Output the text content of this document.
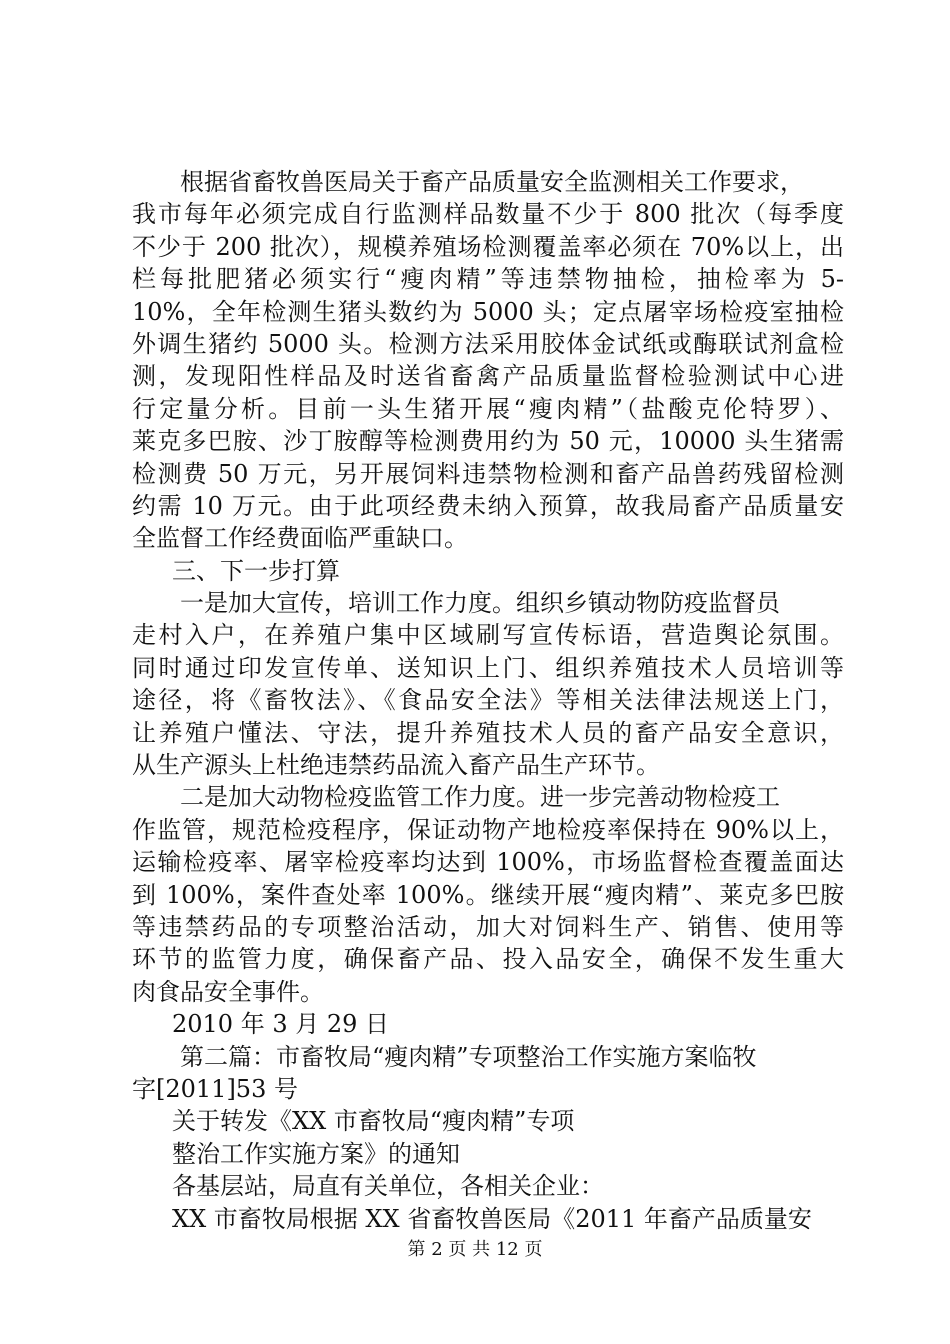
根据省畜牧兽医局关于畜产品质量安全监测相关工作要求，
我市每年必须完成自行监测样品数量不少于 800 批次（每季度
不少于 200 批次），规模养殖场检测覆盖率必须在 70%以上，出
栏每批肥猪必须实行“瘦肉精”等违禁物抽检，抽检率为 5-
10%，全年检测生猪头数约为 5000 头；定点屠宰场检疫室抽检
外调生猪约 5000 头。检测方法采用胶体金试纸或酶联试剂盒检
测，发现阳性样品及时送省畜禽产品质量监督检验测试中心进
行定量分析。目前一头生猪开展“瘦肉精”（盐酸克伦特罗）、
莱克多巴胺、沙丁胺醇等检测费用约为 50 元，10000 头生猪需
检测费 50 万元，另开展饲料违禁物检测和畜产品兽药残留检测
约需 10 万元。由于此项经费未纳入预算，故我局畜产品质量安
全监督工作经费面临严重缺口。
三、下一步打算
一是加大宣传，培训工作力度。组织乡镇动物防疫监督员
走村入户，在养殖户集中区域刷写宣传标语，营造舆论氛围。
同时通过印发宣传单、送知识上门、组织养殖技术人员培训等
途径，将《畜牧法》、《食品安全法》等相关法律法规送上门，
让养殖户懂法、守法，提升养殖技术人员的畜产品安全意识，
从生产源头上杜绝违禁药品流入畜产品生产环节。
二是加大动物检疫监管工作力度。进一步完善动物检疫工
作监管，规范检疫程序，保证动物产地检疫率保持在 90%以上，
运输检疫率、屠宰检疫率均达到 100%，市场监督检查覆盖面达
到 100%，案件查处率 100%。继续开展“瘦肉精”、莱克多巴胺
等违禁药品的专项整治活动，加大对饲料生产、销售、使用等
环节的监管力度，确保畜产品、投入品安全，确保不发生重大
肉食品安全事件。
2010 年 3 月 29 日
第二篇：市畜牧局“瘦肉精”专项整治工作实施方案临牧
字[2011]53 号
关于转发《XX 市畜牧局“瘦肉精”专项
整治工作实施方案》的通知
各基层站，局直有关单位，各相关企业：
XX 市畜牧局根据 XX 省畜牧兽医局《2011 年畜产品质量安
第 2 页 共 12 页
